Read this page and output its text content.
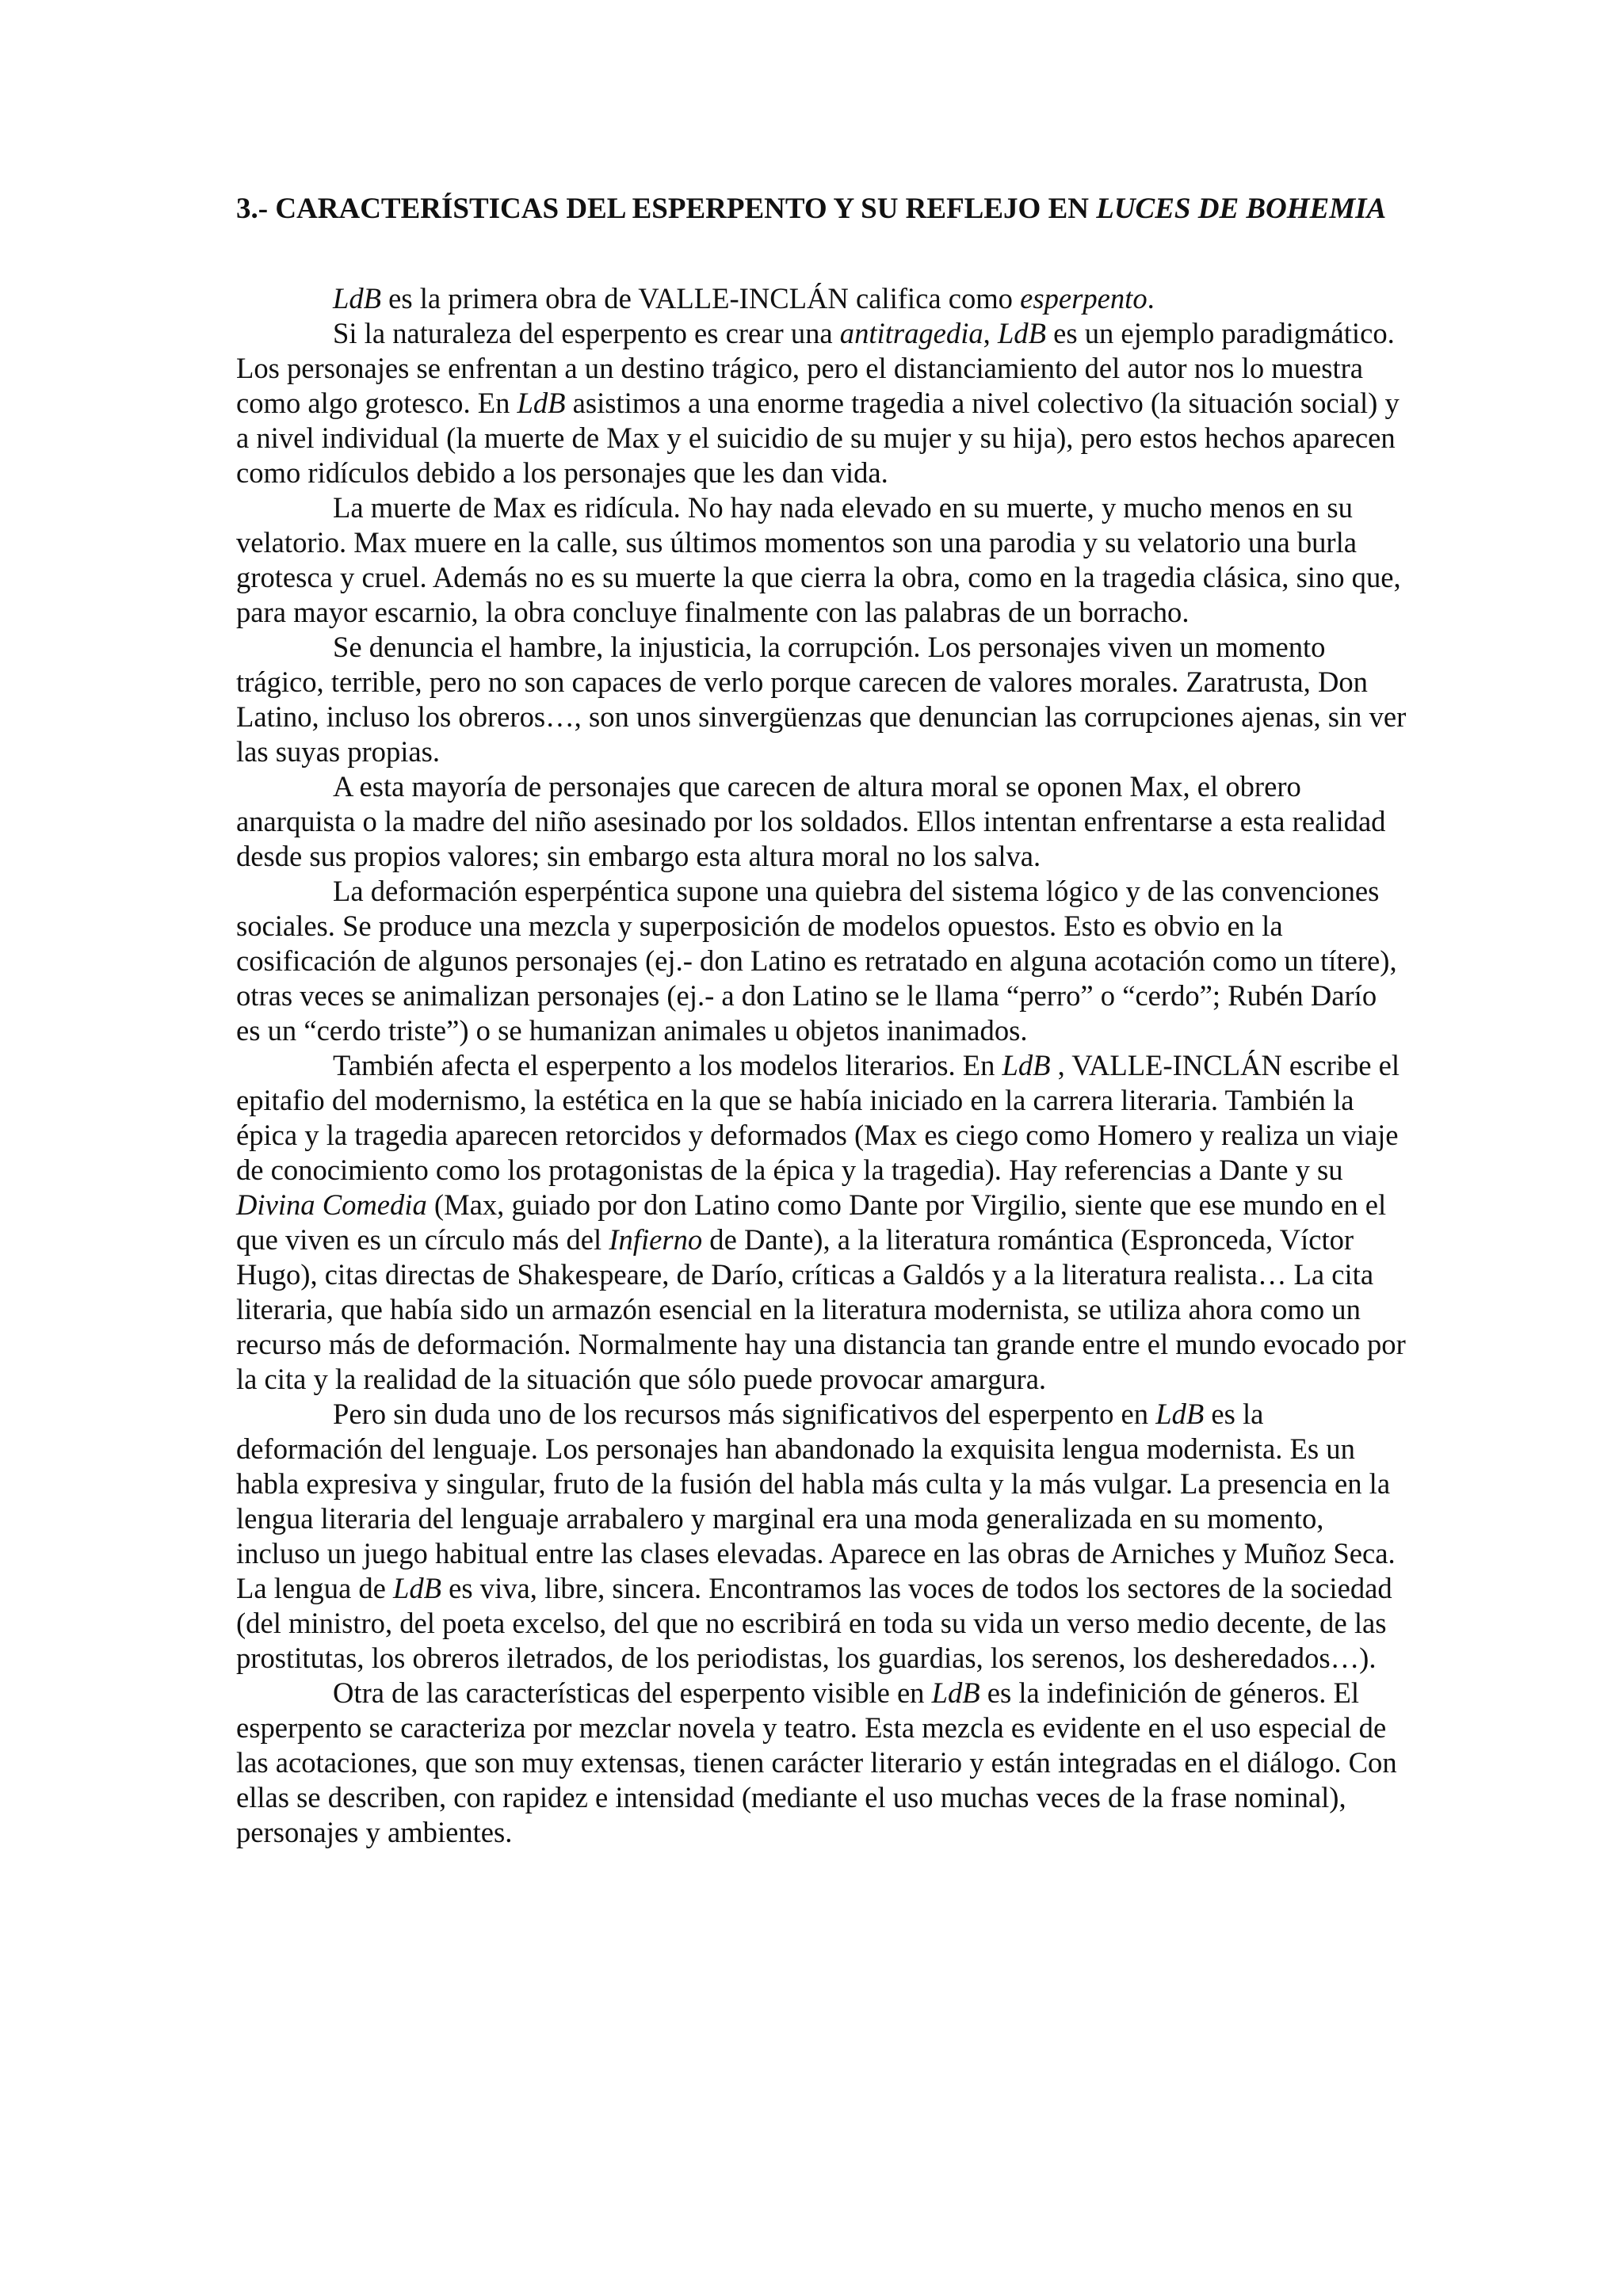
3.- CARACTERÍSTICAS DEL ESPERPENTO Y SU REFLEJO EN LUCES DE BOHEMIA

LdB es la primera obra de VALLE-INCLÁN califica como esperpento.

Si la naturaleza del esperpento es crear una antitragedia, LdB es un ejemplo paradigmático. Los personajes se enfrentan a un destino trágico, pero el distanciamiento del autor nos lo muestra como algo grotesco. En LdB asistimos a una enorme tragedia a nivel colectivo (la situación social) y a nivel individual (la muerte de Max y el suicidio de su mujer y su hija), pero estos hechos aparecen como ridículos debido a los personajes que les dan vida.

La muerte de Max es ridícula. No hay nada elevado en su muerte, y mucho menos en su velatorio. Max muere en la calle, sus últimos momentos son una parodia y su velatorio una burla grotesca y cruel. Además no es su muerte la que cierra la obra, como en la tragedia clásica, sino que, para mayor escarnio, la obra concluye finalmente con las palabras de un borracho.

Se denuncia el hambre, la injusticia, la corrupción. Los personajes viven un momento trágico, terrible, pero no son capaces de verlo porque carecen de valores morales. Zaratrusta, Don Latino, incluso los obreros…, son unos sinvergüenzas que denuncian las corrupciones ajenas, sin ver las suyas propias.

A esta mayoría de personajes que carecen de altura moral se oponen Max, el obrero anarquista o la madre del niño asesinado por los soldados. Ellos intentan enfrentarse a esta realidad desde sus propios valores; sin embargo esta altura moral no los salva.

La deformación esperpéntica supone una quiebra del sistema lógico y de las convenciones sociales. Se produce una mezcla y superposición de modelos opuestos. Esto es obvio en la cosificación de algunos personajes (ej.- don Latino es retratado en alguna acotación como un títere), otras veces se animalizan personajes (ej.- a don Latino se le llama “perro” o “cerdo”; Rubén Darío es un “cerdo triste”) o se humanizan animales u objetos inanimados.

También afecta el esperpento a los modelos literarios. En LdB , VALLE-INCLÁN escribe el epitafio del modernismo, la estética en la que se había iniciado en la carrera literaria. También la épica y la tragedia aparecen retorcidos y deformados (Max es ciego como Homero y realiza un viaje de conocimiento como los protagonistas de la épica y la tragedia). Hay referencias a Dante y su Divina Comedia (Max, guiado por don Latino como Dante por Virgilio, siente que ese mundo en el que viven es un círculo más del Infierno de Dante), a la literatura romántica (Espronceda, Víctor Hugo), citas directas de Shakespeare, de Darío, críticas a Galdós y a la literatura realista… La cita literaria, que había sido un armazón esencial en la literatura modernista, se utiliza ahora como un recurso más de deformación. Normalmente hay una distancia tan grande entre el mundo evocado por la cita y la realidad de la situación que sólo puede provocar amargura.

Pero sin duda uno de los recursos más significativos del esperpento en LdB es la deformación del lenguaje. Los personajes han abandonado la exquisita lengua modernista. Es un habla expresiva y singular, fruto de la fusión del habla más culta y la más vulgar. La presencia en la lengua literaria del lenguaje arrabalero y marginal era una moda generalizada en su momento, incluso un juego habitual entre las clases elevadas. Aparece en las obras de Arniches y Muñoz Seca. La lengua de LdB es viva, libre, sincera. Encontramos las voces de todos los sectores de la sociedad (del ministro, del poeta excelso, del que no escribirá en toda su vida un verso medio decente, de las prostitutas, los obreros iletrados, de los periodistas, los guardias, los serenos, los desheredados…).

Otra de las características del esperpento visible en LdB es la indefinición de géneros. El esperpento se caracteriza por mezclar novela y teatro. Esta mezcla es evidente en el uso especial de las acotaciones, que son muy extensas, tienen carácter literario y están integradas en el diálogo. Con ellas se describen, con rapidez e intensidad (mediante el uso muchas veces de la frase nominal), personajes y ambientes.
